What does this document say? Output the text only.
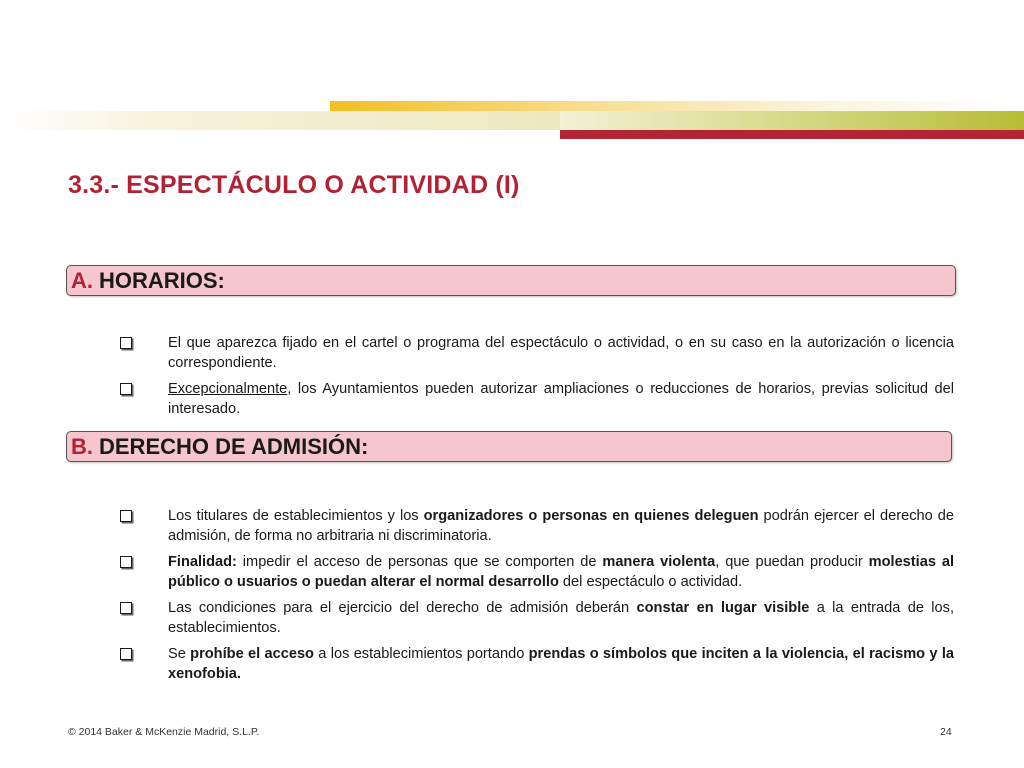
3.3.- ESPECTÁCULO O ACTIVIDAD (I)
A. HORARIOS:
El que aparezca fijado en el cartel o programa del espectáculo o actividad, o en su caso en la autorización o licencia correspondiente.
Excepcionalmente, los Ayuntamientos pueden autorizar ampliaciones o reducciones de horarios, previas solicitud del interesado.
B. DERECHO DE ADMISIÓN:
Los titulares de establecimientos y los organizadores o personas en quienes deleguen podrán ejercer el derecho de admisión, de forma no arbitraria ni discriminatoria.
Finalidad: impedir el acceso de personas que se comporten de manera violenta, que puedan producir molestias al público o usuarios o puedan alterar el normal desarrollo del espectáculo o actividad.
Las condiciones para el ejercicio del derecho de admisión deberán constar en lugar visible a la entrada de los, establecimientos.
Se prohíbe el acceso a los establecimientos portando prendas o símbolos que inciten a la violencia, el racismo y la xenofobia.
© 2014 Baker & McKenzie Madrid, S.L.P.	24
